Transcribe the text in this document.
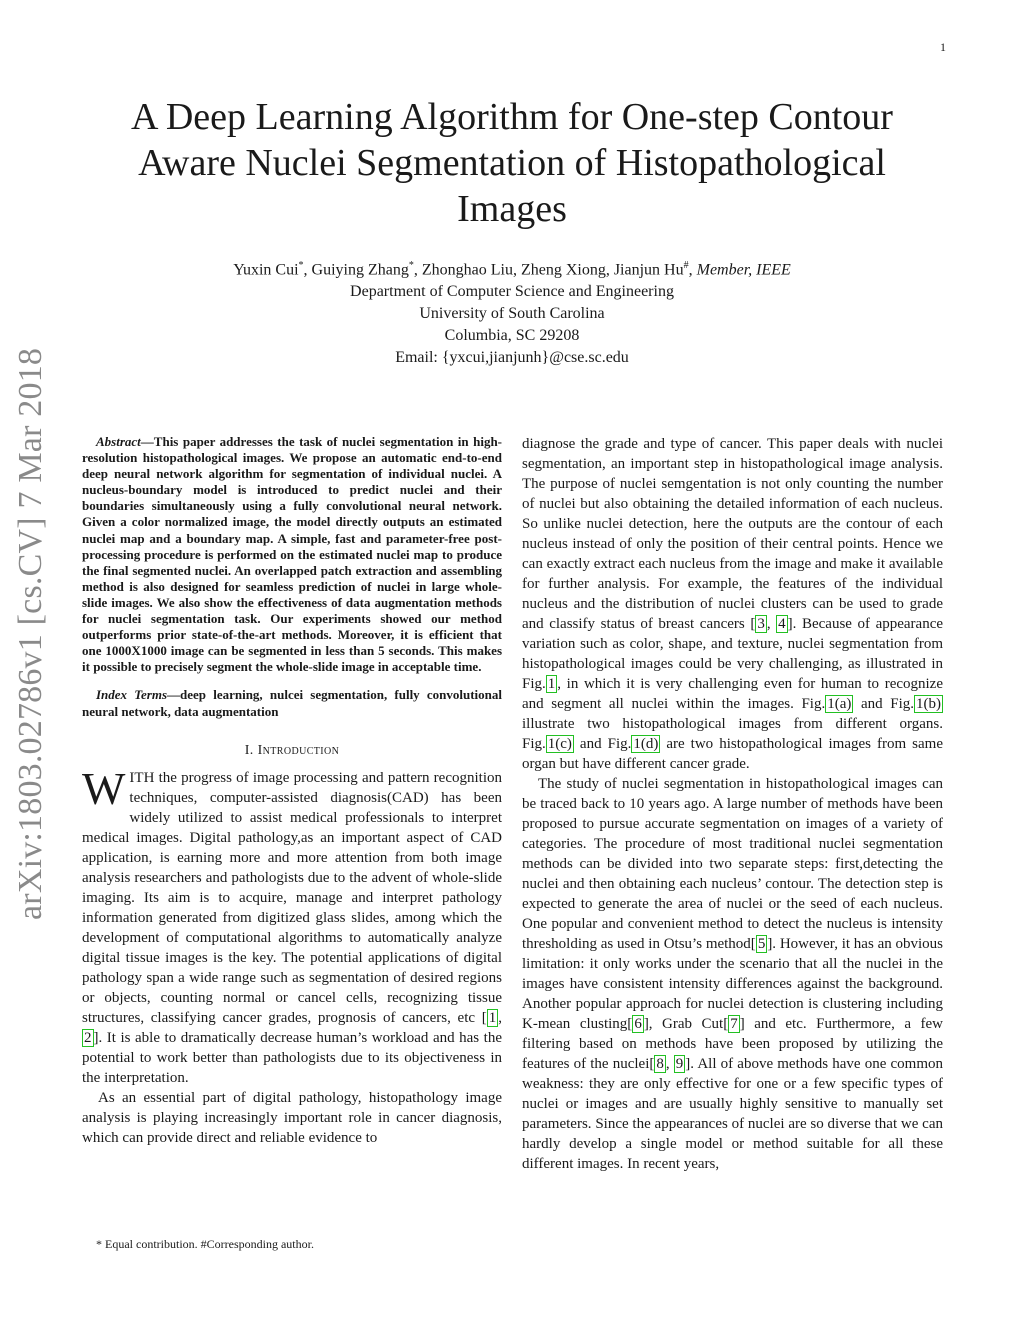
1
arXiv:1803.02786v1 [cs.CV] 7 Mar 2018
A Deep Learning Algorithm for One-step Contour Aware Nuclei Segmentation of Histopathological Images
Yuxin Cui*, Guiying Zhang*, Zhonghao Liu, Zheng Xiong, Jianjun Hu#, Member, IEEE
Department of Computer Science and Engineering
University of South Carolina
Columbia, SC 29208
Email: {yxcui,jianjunh}@cse.sc.edu

Abstract—This paper addresses the task of nuclei segmentation in high-resolution histopathological images. We propose an automatic end-to-end deep neural network algorithm for segmentation of individual nuclei. A nucleus-boundary model is introduced to predict nuclei and their boundaries simultaneously using a fully convolutional neural network. Given a color normalized image, the model directly outputs an estimated nuclei map and a boundary map. A simple, fast and parameter-free post-processing procedure is performed on the estimated nuclei map to produce the final segmented nuclei. An overlapped patch extraction and assembling method is also designed for seamless prediction of nuclei in large whole-slide images. We also show the effectiveness of data augmentation methods for nuclei segmentation task. Our experiments showed our method outperforms prior state-of-the-art methods. Moreover, it is efficient that one 1000X1000 image can be segmented in less than 5 seconds. This makes it possible to precisely segment the whole-slide image in acceptable time.

Index Terms—deep learning, nulcei segmentation, fully convolutional neural network, data augmentation

I. Introduction

WITH the progress of image processing and pattern recognition techniques, computer-assisted diagnosis(CAD) has been widely utilized to assist medical professionals to interpret medical images. Digital pathology,as an important aspect of CAD application, is earning more and more attention from both image analysis researchers and pathologists due to the advent of whole-slide imaging. Its aim is to acquire, manage and interpret pathology information generated from digitized glass slides, among which the development of computational algorithms to automatically analyze digital tissue images is the key. The potential applications of digital pathology span a wide range such as segmentation of desired regions or objects, counting normal or cancel cells, recognizing tissue structures, classifying cancer grades, prognosis of cancers, etc [ 1 , 2 ]. It is able to dramatically decrease human’s workload and has the potential to work better than pathologists due to its objectiveness in the interpretation.

As an essential part of digital pathology, histopathology image analysis is playing increasingly important role in cancer diagnosis, which can provide direct and reliable evidence to

diagnose the grade and type of cancer. This paper deals with nuclei segmentation, an important step in histopathological image analysis. The purpose of nuclei semgentation is not only counting the number of nuclei but also obtaining the detailed information of each nucleus. So unlike nuclei detection, here the outputs are the contour of each nucleus instead of only the position of their central points. Hence we can exactly extract each nucleus from the image and make it available for further analysis. For example, the features of the individual nucleus and the distribution of nuclei clusters can be used to grade and classify status of breast cancers [ 3 , 4 ]. Because of appearance variation such as color, shape, and texture, nuclei segmentation from histopathological images could be very challenging, as illustrated in Fig. 1 , in which it is very challenging even for human to recognize and segment all nuclei within the images. Fig. 1(a) and Fig. 1(b) illustrate two histopathological images from different organs. Fig. 1(c) and Fig. 1(d) are two histopathological images from same organ but have different cancer grade.

The study of nuclei segmentation in histopathological images can be traced back to 10 years ago. A large number of methods have been proposed to pursue accurate segmentation on images of a variety of categories. The procedure of most traditional nuclei segmentation methods can be divided into two separate steps: first,detecting the nuclei and then obtaining each nucleus’ contour. The detection step is expected to generate the area of nuclei or the seed of each nucleus. One popular and convenient method to detect the nucleus is intensity thresholding as used in Otsu’s method[ 5 ]. However, it has an obvious limitation: it only works under the scenario that all the nuclei in the images have consistent intensity differences against the background. Another popular approach for nuclei detection is clustering including K-mean clusting[ 6 ], Grab Cut[ 7 ] and etc. Furthermore, a few filtering based on methods have been proposed by utilizing the features of the nuclei[ 8 , 9 ]. All of above methods have one common weakness: they are only effective for one or a few specific types of nuclei or images and are usually highly sensitive to manually set parameters. Since the appearances of nuclei are so diverse that we can hardly develop a single model or method suitable for all these different images. In recent years,

* Equal contribution. #Corresponding author.
